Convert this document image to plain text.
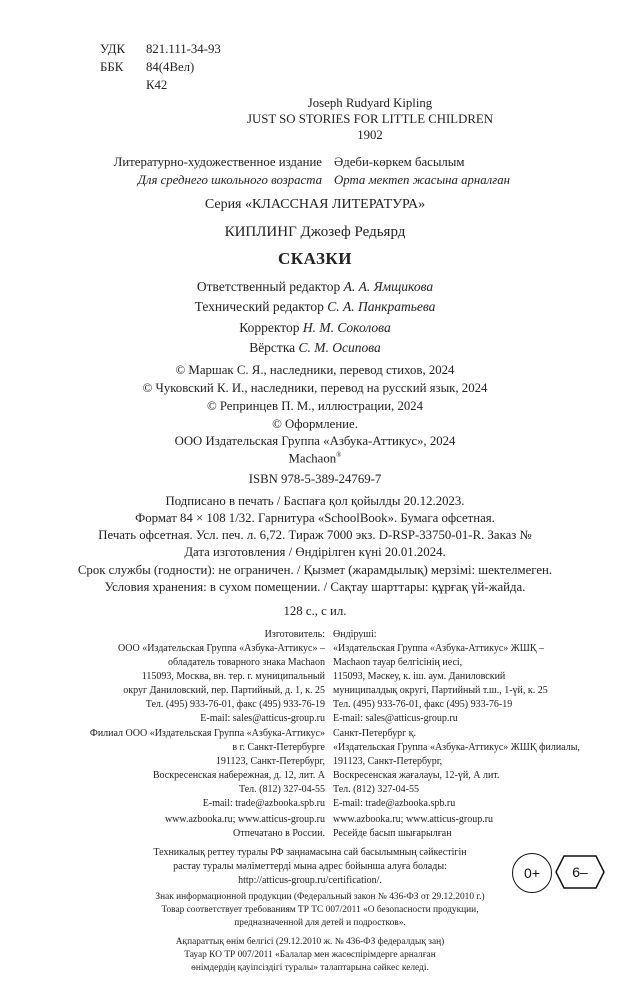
УДК 821.111-34-93
ББК 84(4Вел)
К42
Joseph Rudyard Kipling
JUST SO STORIES FOR LITTLE CHILDREN
1902
Литературно-художественное издание
Для среднего школьного возраста
Әдеби-көркем басылым
Орта мектеп жасына арналған
Серия «КЛАССНАЯ ЛИТЕРАТУРА»
КИПЛИНГ Джозеф Редьярд
СКАЗКИ
Ответственный редактор А. А. Ямщикова
Технический редактор С. А. Панкратьева
Корректор Н. М. Соколова
Вёрстка С. М. Осипова
© Маршак С. Я., наследники, перевод стихов, 2024
© Чуковский К. И., наследники, перевод на русский язык, 2024
© Репринцев П. М., иллюстрации, 2024
© Оформление.
ООО Издательская Группа «Азбука-Аттикус», 2024
Machaon®
ISBN 978-5-389-24769-7
Подписано в печать / Баспаға қол қойылды 20.12.2023.
Формат 84 × 108 1/32. Гарнитура «SchoolBook». Бумага офсетная.
Печать офсетная. Усл. печ. л. 6,72. Тираж 7000 экз. D-RSP-33750-01-R. Заказ №
Дата изготовления / Өндірілген күні 20.01.2024.
Срок службы (годности): не ограничен. / Қызмет (жарамдылық) мерзімі: шектелмеген.
Условия хранения: в сухом помещении. / Сақтау шарттары: құрғақ үй-жайда.
128 с., с ил.
Изготовитель:
ООО «Издательская Группа «Азбука-Аттикус» –
обладатель товарного знака Machaon
115093, Москва, вн. тер. г. муниципальный
округ Даниловский, пер. Партийный, д. 1, к. 25
Тел. (495) 933-76-01, факс (495) 933-76-19
E-mail: sales@atticus-group.ru
Өндіруші:
«Издательская Группа «Азбука-Аттикус» ЖШҚ –
Machaon тауар белгісінің иесі,
115093, Мәскеу, к. іш. аум. Даниловский
муниципалдық округі, Партийный т.ш., 1-үй, к. 25
Тел. (495) 933-76-01, факс (495) 933-76-19
E-mail: sales@atticus-group.ru
Филиал ООО «Издательская Группа «Азбука-Аттикус»
в г. Санкт-Петербурге
191123, Санкт-Петербург,
Воскресенская набережная, д. 12, лит. А
Тел. (812) 327-04-55
E-mail: trade@azbooka.spb.ru
Санкт-Петербург қ.
«Издательская Группа «Азбука-Аттикус» ЖШҚ филиалы,
191123, Санкт-Петербург,
Воскресенская жағалауы, 12-үй, А лит.
Тел. (812) 327-04-55
E-mail: trade@azbooka.spb.ru
www.azbooka.ru; www.atticus-group.ru
Отпечатано в России.
www.azbooka.ru; www.atticus-group.ru
Ресейде басып шығарылған
Техникалық реттеу туралы РФ заңнамасына сай басылымның сәйкестігін
растау туралы мәліметтерді мына адрес бойынша алуға болады:
http://atticus-group.ru/certification/.
Знак информационной продукции (Федеральный закон № 436-ФЗ от 29.12.2010 г.)
Товар соответствует требованиям ТР ТС 007/2011 «О безопасности продукции,
предназначенной для детей и подростков».
0+ 6–
Ақпараттық өнім белгісі (29.12.2010 ж. № 436-ФЗ федералдық заң)
Тауар КО ТР 007/2011 «Балалар мен жасөспірімдерге арналған
өнімдердің қауіпсіздігі туралы» талаптарына сәйкес келеді.
